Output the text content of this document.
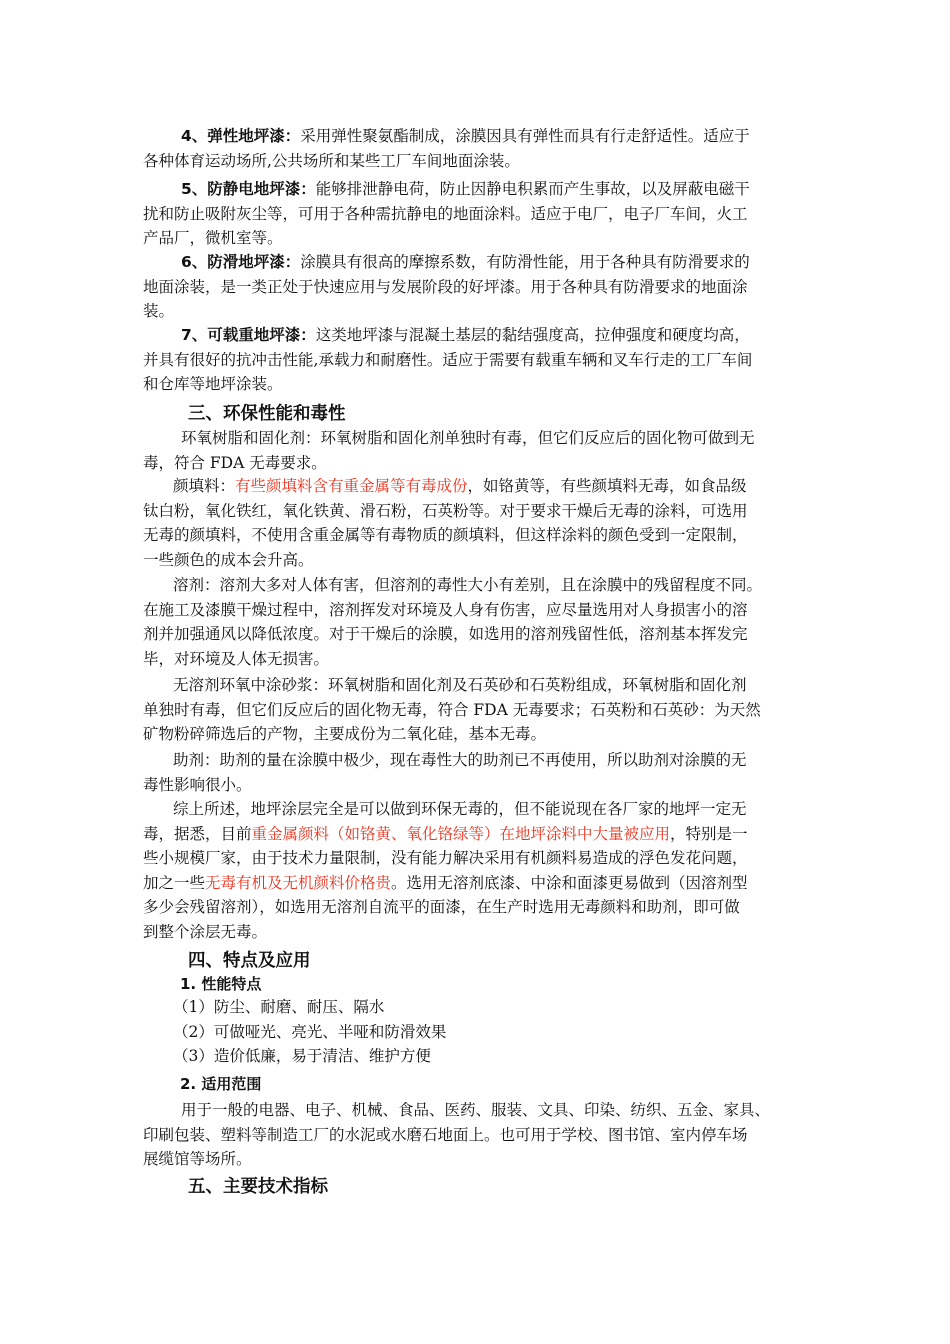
4、弹性地坪漆：采用弹性聚氨酯制成，涂膜因具有弹性而具有行走舒适性。适应于
各种体育运动场所,公共场所和某些工厂车间地面涂装。
5、防静电地坪漆：能够排泄静电荷，防止因静电积累而产生事故，以及屏蔽电磁干
扰和防止吸附灰尘等，可用于各种需抗静电的地面涂料。适应于电厂，电子厂车间，火工
产品厂，微机室等。
6、防滑地坪漆：涂膜具有很高的摩擦系数，有防滑性能，用于各种具有防滑要求的
地面涂装，是一类正处于快速应用与发展阶段的好坪漆。用于各种具有防滑要求的地面涂
装。
7、可载重地坪漆：这类地坪漆与混凝土基层的黏结强度高，拉伸强度和硬度均高，
并具有很好的抗冲击性能,承载力和耐磨性。适应于需要有载重车辆和叉车行走的工厂车间
和仓库等地坪涂装。
三、环保性能和毒性
环氧树脂和固化剂：环氧树脂和固化剂单独时有毒，但它们反应后的固化物可做到无
毒，符合 FDA 无毒要求。
颜填料：有些颜填料含有重金属等有毒成份，如铬黄等，有些颜填料无毒，如食品级
钛白粉，氧化铁红，氧化铁黄、滑石粉，石英粉等。对于要求干燥后无毒的涂料，可选用
无毒的颜填料，不使用含重金属等有毒物质的颜填料，但这样涂料的颜色受到一定限制，
一些颜色的成本会升高。
溶剂：溶剂大多对人体有害，但溶剂的毒性大小有差别，且在涂膜中的残留程度不同。
在施工及漆膜干燥过程中，溶剂挥发对环境及人身有伤害，应尽量选用对人身损害小的溶
剂并加强通风以降低浓度。对于干燥后的涂膜，如选用的溶剂残留性低，溶剂基本挥发完
毕，对环境及人体无损害。
无溶剂环氧中涂砂浆：环氧树脂和固化剂及石英砂和石英粉组成，环氧树脂和固化剂
单独时有毒，但它们反应后的固化物无毒，符合 FDA 无毒要求；石英粉和石英砂：为天然
矿物粉碎筛选后的产物，主要成份为二氧化硅，基本无毒。
助剂：助剂的量在涂膜中极少，现在毒性大的助剂已不再使用，所以助剂对涂膜的无
毒性影响很小。
综上所述，地坪涂层完全是可以做到环保无毒的，但不能说现在各厂家的地坪一定无
毒，据悉，目前重金属颜料（如铬黄、氧化铬绿等）在地坪涂料中大量被应用，特别是一
些小规模厂家，由于技术力量限制，没有能力解决采用有机颜料易造成的浮色发花问题，
加之一些无毒有机及无机颜料价格贵。选用无溶剂底漆、中涂和面漆更易做到（因溶剂型
多少会残留溶剂），如选用无溶剂自流平的面漆，在生产时选用无毒颜料和助剂，即可做
到整个涂层无毒。
四、特点及应用
1. 性能特点
（1）防尘、耐磨、耐压、隔水
（2）可做哑光、亮光、半哑和防滑效果
（3）造价低廉，易于清洁、维护方便
2. 适用范围
用于一般的电器、电子、机械、食品、医药、服装、文具、印染、纺织、五金、家具、
印刷包装、塑料等制造工厂的水泥或水磨石地面上。也可用于学校、图书馆、室内停车场
展缆馆等场所。
五、主要技术指标
